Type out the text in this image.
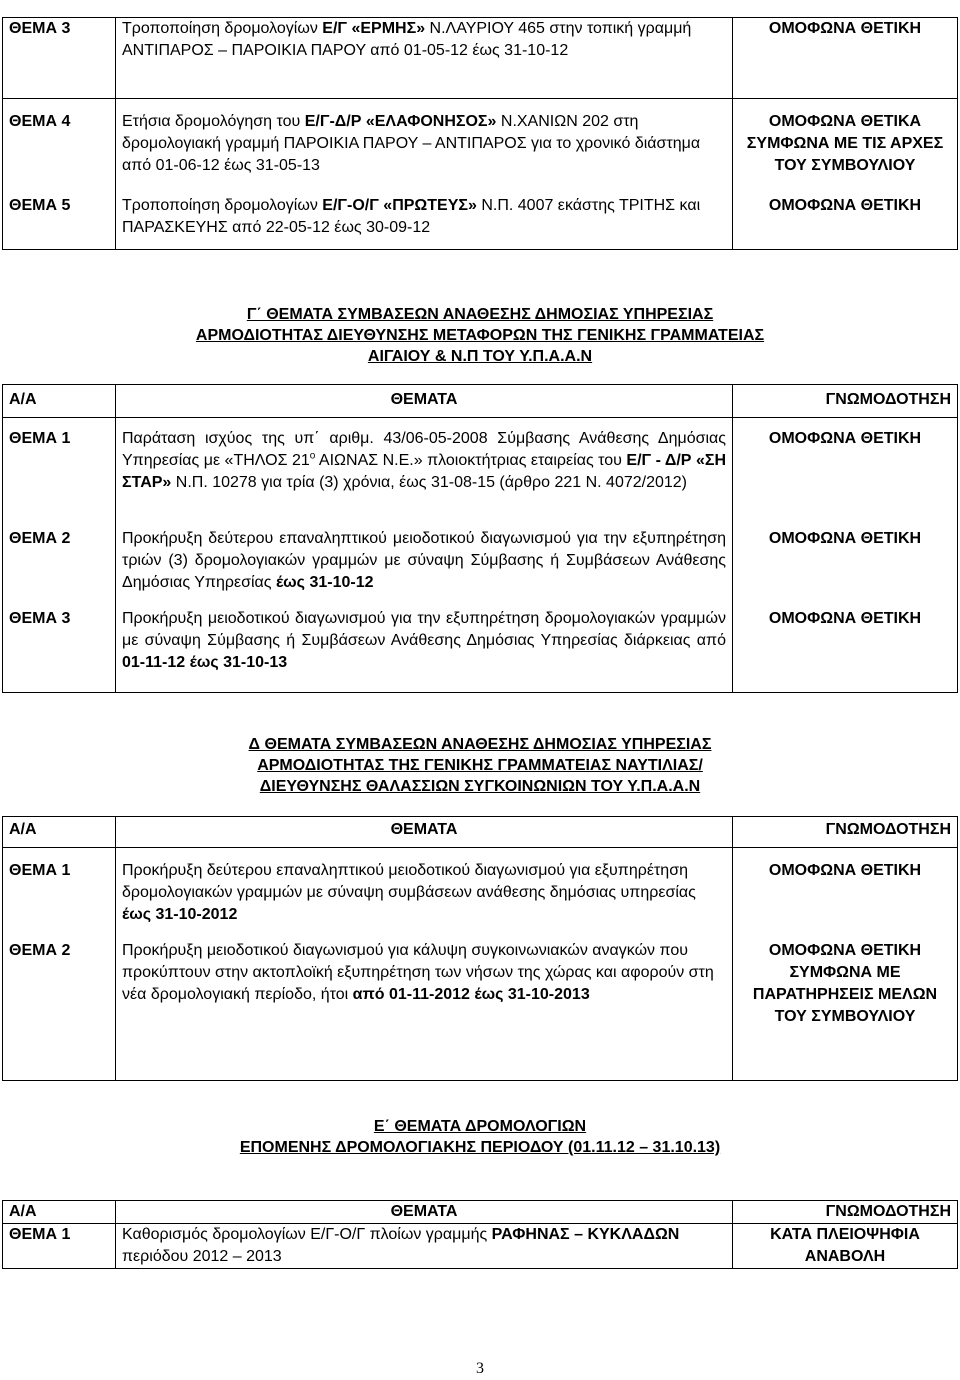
ΘΕΜΑ 3	Τροποποίηση δρομολογίων Ε/Γ «ΕΡΜΗΣ» Ν.ΛΑΥΡΙΟΥ 465 στην τοπική γραμμή ΑΝΤΙΠΑΡΟΣ – ΠΑΡΟΙΚΙΑ ΠΑΡΟΥ από 01-05-12 έως 31-10-12	ΟΜΟΦΩΝΑ ΘΕΤΙΚΗ
ΘΕΜΑ 4	Ετήσια δρομολόγηση του Ε/Γ-Δ/Ρ «ΕΛΑΦΟΝΗΣΟΣ» Ν.ΧΑΝΙΩΝ 202 στη δρομολογιακή γραμμή ΠΑΡΟΙΚΙΑ ΠΑΡΟΥ – ΑΝΤΙΠΑΡΟΣ για το χρονικό διάστημα από 01-06-12 έως 31-05-13	ΟΜΟΦΩΝΑ ΘΕΤΙΚΑ ΣΥΜΦΩΝΑ ΜΕ ΤΙΣ ΑΡΧΕΣ ΤΟΥ ΣΥΜΒΟΥΛΙΟΥ
ΘΕΜΑ 5	Τροποποίηση δρομολογίων Ε/Γ-Ο/Γ «ΠΡΩΤΕΥΣ» Ν.Π. 4007 εκάστης ΤΡΙΤΗΣ και ΠΑΡΑΣΚΕΥΗΣ από 22-05-12 έως 30-09-12	ΟΜΟΦΩΝΑ ΘΕΤΙΚΗ
Γ΄ ΘΕΜΑΤΑ ΣΥΜΒΑΣΕΩΝ ΑΝΑΘΕΣΗΣ ΔΗΜΟΣΙΑΣ ΥΠΗΡΕΣΙΑΣ
ΑΡΜΟΔΙΟΤΗΤΑΣ ΔΙΕΥΘΥΝΣΗΣ ΜΕΤΑΦΟΡΩΝ ΤΗΣ ΓΕΝΙΚΗΣ ΓΡΑΜΜΑΤΕΙΑΣ
ΑΙΓΑΙΟΥ & Ν.Π ΤΟΥ Υ.Π.Α.Α.Ν
Α/Α	ΘΕΜΑΤΑ	ΓΝΩΜΟΔΟΤΗΣΗ
ΘΕΜΑ 1	Παράταση ισχύος της υπ΄ αριθμ. 43/06-05-2008 Σύμβασης Ανάθεσης Δημόσιας Υπηρεσίας με «ΤΗΛΟΣ $21^o$ ΑΙΩΝΑΣ Ν.Ε.» πλοιοκτήτριας εταιρείας του Ε/Γ - Δ/Ρ «ΣΗ ΣΤΑΡ» Ν.Π. 10278 για τρία (3) χρόνια, έως 31-08-15 (άρθρο 221 Ν. 4072/2012)	ΟΜΟΦΩΝΑ ΘΕΤΙΚΗ
ΘΕΜΑ 2	Προκήρυξη δεύτερου επαναληπτικού μειοδοτικού διαγωνισμού για την εξυπηρέτηση τριών (3) δρομολογιακών γραμμών με σύναψη Σύμβασης ή Συμβάσεων Ανάθεσης Δημόσιας Υπηρεσίας έως 31-10-12	ΟΜΟΦΩΝΑ ΘΕΤΙΚΗ
ΘΕΜΑ 3	Προκήρυξη μειοδοτικού διαγωνισμού για την εξυπηρέτηση δρομολογιακών γραμμών με σύναψη Σύμβασης ή Συμβάσεων Ανάθεσης Δημόσιας Υπηρεσίας διάρκειας από 01-11-12 έως 31-10-13	ΟΜΟΦΩΝΑ ΘΕΤΙΚΗ
Δ ΘΕΜΑΤΑ ΣΥΜΒΑΣΕΩΝ ΑΝΑΘΕΣΗΣ ΔΗΜΟΣΙΑΣ ΥΠΗΡΕΣΙΑΣ
ΑΡΜΟΔΙΟΤΗΤΑΣ ΤΗΣ ΓΕΝΙΚΗΣ ΓΡΑΜΜΑΤΕΙΑΣ ΝΑΥΤΙΛΙΑΣ/
ΔΙΕΥΘΥΝΣΗΣ ΘΑΛΑΣΣΙΩΝ ΣΥΓΚΟΙΝΩΝΙΩΝ ΤΟΥ Υ.Π.Α.Α.Ν
Α/Α	ΘΕΜΑΤΑ	ΓΝΩΜΟΔΟΤΗΣΗ
ΘΕΜΑ 1	Προκήρυξη δεύτερου επαναληπτικού μειοδοτικού διαγωνισμού για εξυπηρέτηση δρομολογιακών γραμμών με σύναψη συμβάσεων ανάθεσης δημόσιας υπηρεσίας έως 31-10-2012	ΟΜΟΦΩΝΑ ΘΕΤΙΚΗ
ΘΕΜΑ 2	Προκήρυξη μειοδοτικού διαγωνισμού για κάλυψη συγκοινωνιακών αναγκών που προκύπτουν στην ακτοπλοϊκή εξυπηρέτηση των νήσων της χώρας και αφορούν στη νέα δρομολογιακή περίοδο, ήτοι από 01-11-2012 έως 31-10-2013	ΟΜΟΦΩΝΑ ΘΕΤΙΚΗ ΣΥΜΦΩΝΑ ΜΕ ΠΑΡΑΤΗΡΗΣΕΙΣ ΜΕΛΩΝ ΤΟΥ ΣΥΜΒΟΥΛΙΟΥ
Ε΄ ΘΕΜΑΤΑ ΔΡΟΜΟΛΟΓΙΩΝ
ΕΠΟΜΕΝΗΣ ΔΡΟΜΟΛΟΓΙΑΚΗΣ ΠΕΡΙΟΔΟΥ (01.11.12 – 31.10.13)
Α/Α	ΘΕΜΑΤΑ	ΓΝΩΜΟΔΟΤΗΣΗ
ΘΕΜΑ 1	Καθορισμός δρομολογίων Ε/Γ-Ο/Γ πλοίων γραμμής ΡΑΦΗΝΑΣ – ΚΥΚΛΑΔΩΝ περιόδου 2012 – 2013	ΚΑΤΑ ΠΛΕΙΟΨΗΦΙΑ ΑΝΑΒΟΛΗ
3
